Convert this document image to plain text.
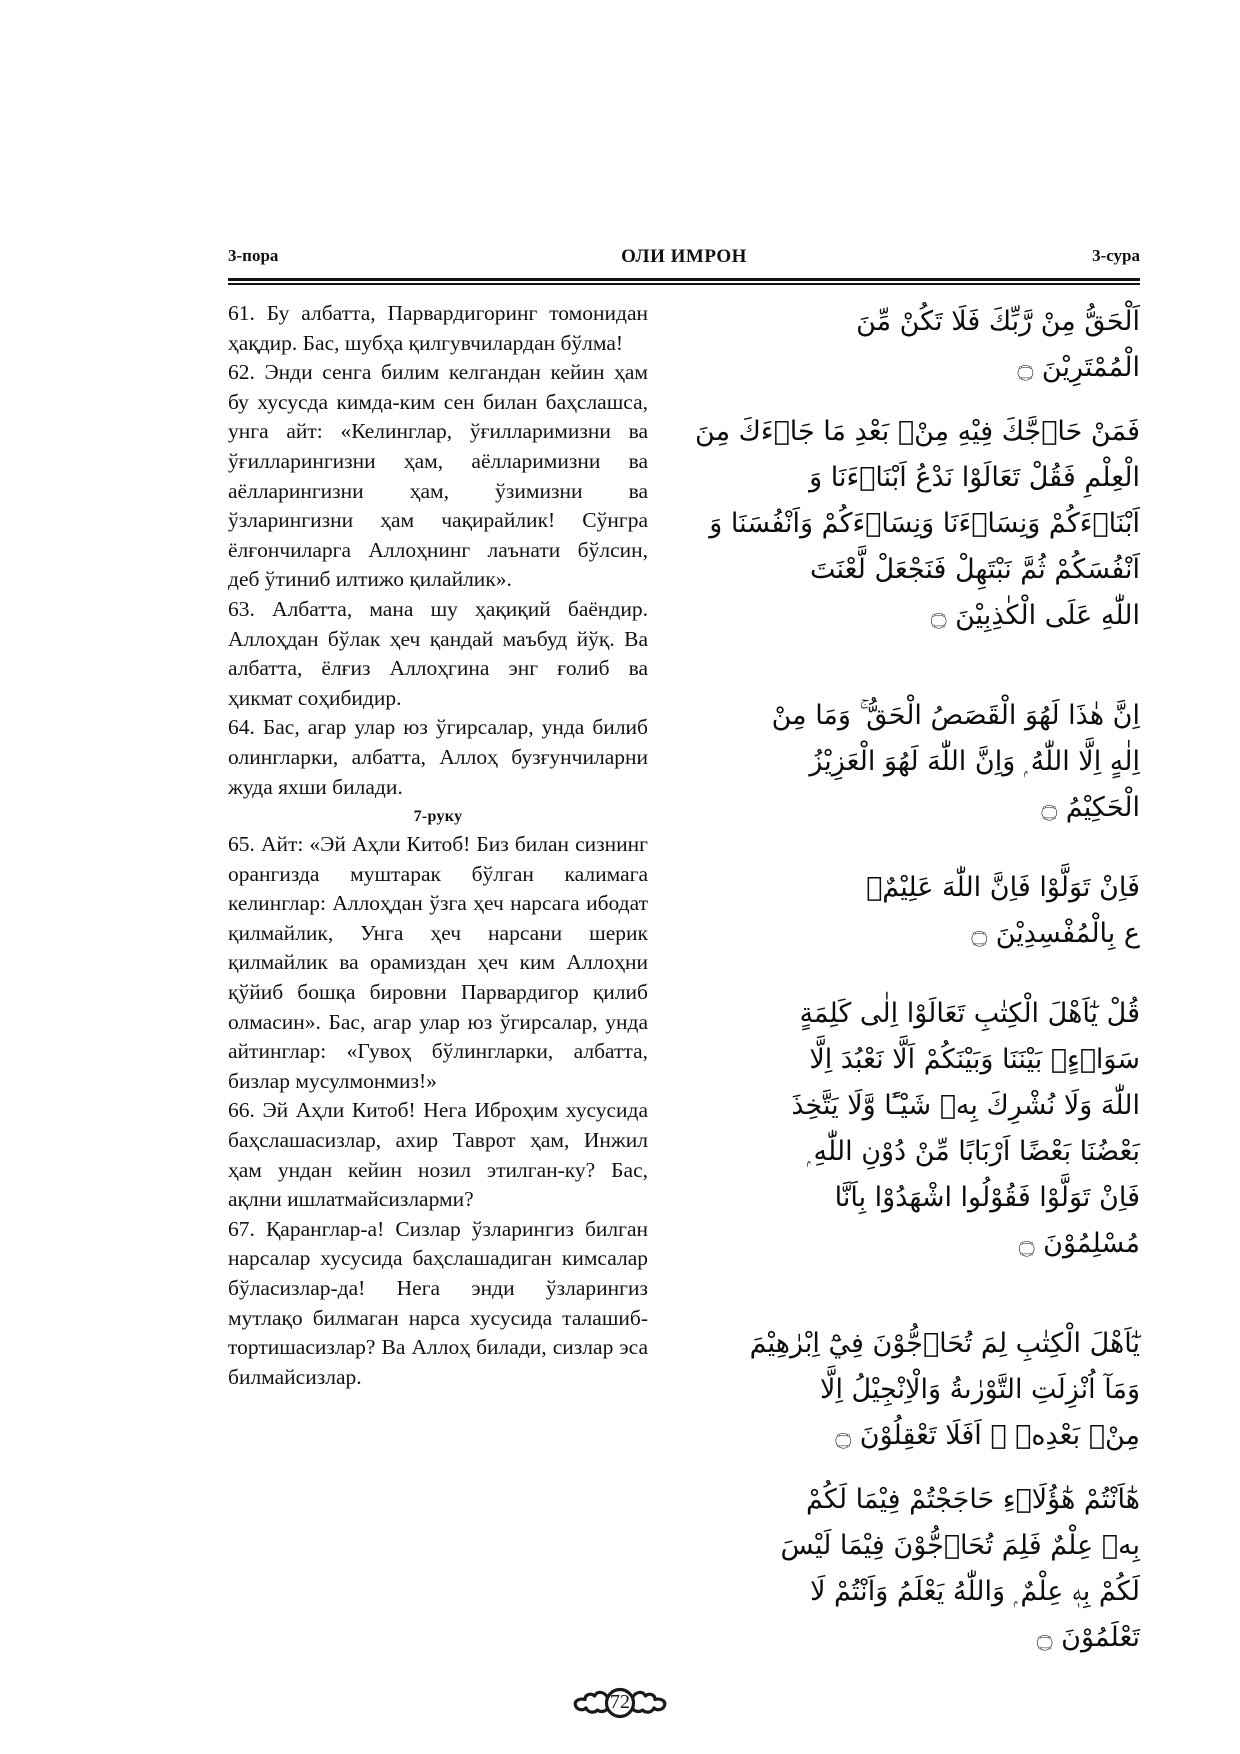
3-пора	ОЛИ ИМРОН	3-сура

61. Бу албатта, Парвардигоринг томонидан ҳақдир. Бас, шубҳа қилгувчилардан бўлма!

62. Энди сенга билим келгандан кейин ҳам бу хусусда кимда-ким сен билан баҳслашса, унга айт: «Келинглар, ўғилларимизни ва ўғилларингизни ҳам, аёлларимизни ва аёлларингизни ҳам, ўзимизни ва ўзларингизни ҳам чақирайлик! Сўнгра ёлғончиларга Аллоҳнинг лаънати бўлсин, деб ўтиниб илтижо қилайлик».

63. Албатта, мана шу ҳақиқий баёндир. Аллоҳдан бўлак ҳеч қандай маъбуд йўқ. Ва албатта, ёлғиз Аллоҳгина энг ғолиб ва ҳикмат соҳибидир.

64. Бас, агар улар юз ўгирсалар, унда билиб олингларки, албатта, Аллоҳ бузғунчиларни жуда яхши билади.

7-руку

65. Айт: «Эй Аҳли Китоб! Биз билан сизнинг орангизда муштарак бўлган калимага келинглар: Аллоҳдан ўзга ҳеч нарсага ибодат қилмайлик, Унга ҳеч нарсани шерик қилмайлик ва орамиздан ҳеч ким Аллоҳни қўйиб бошқа бировни Парвардигор қилиб олмасин». Бас, агар улар юз ўгирсалар, унда айтинглар: «Гувоҳ бўлингларки, албатта, бизлар мусулмонмиз!»

66. Эй Аҳли Китоб! Нега Иброҳим хусусида баҳслашасизлар, ахир Таврот ҳам, Инжил ҳам ундан кейин нозил этилган-ку? Бас, ақлни ишлатмайсизларми?

67. Қаранглар-а! Сизлар ўзларингиз билган нарсалар хусусида баҳслашадиган кимсалар бўласизлар-да! Нега энди ўзларингиз мутлақо билмаган нарса хусусида талашиб-тортишасизлар? Ва Аллоҳ билади, сизлар эса билмайсизлар.

اَلْحَقُّ مِنْ رَّبِّكَ فَلَا تَكُنْ مِّنَ
الْمُمْتَرِيْنَ ۝
فَمَنْ حَاۤجَّكَ فِيْهِ مِنْۢ بَعْدِ مَا جَاۤءَكَ مِنَ
الْعِلْمِ فَقُلْ تَعَالَوْا نَدْعُ اَبْنَاۤءَنَا وَ
اَبْنَاۤءَكُمْ وَنِسَاۤءَنَا وَنِسَاۤءَكُمْ وَاَنْفُسَنَا وَ
اَنْفُسَكُمْ ثُمَّ نَبْتَهِلْ فَنَجْعَلْ لَّعْنَتَ
اللّٰهِ عَلَى الْكٰذِبِيْنَ ۝
اِنَّ هٰذَا لَهُوَ الْقَصَصُ الْحَقُّ ۚ وَمَا مِنْ
اِلٰهٍ اِلَّا اللّٰهُ ۭ وَاِنَّ اللّٰهَ لَهُوَ الْعَزِيْزُ
الْحَكِيْمُ ۝
فَاِنْ تَوَلَّوْا فَاِنَّ اللّٰهَ عَلِيْمٌۢ
ع بِالْمُفْسِدِيْنَ ۝
قُلْ يٰٓاَهْلَ الْكِتٰبِ تَعَالَوْا اِلٰى كَلِمَةٍ
سَوَاۤءٍۢ بَيْنَنَا وَبَيْنَكُمْ اَلَّا نَعْبُدَ اِلَّا
اللّٰهَ وَلَا نُشْرِكَ بِهٖ شَيْـًٔا وَّلَا يَتَّخِذَ
بَعْضُنَا بَعْضًا اَرْبَابًا مِّنْ دُوْنِ اللّٰهِ ۭ
فَاِنْ تَوَلَّوْا فَقُوْلُوا اشْهَدُوْا بِاَنَّا
مُسْلِمُوْنَ ۝
يٰٓاَهْلَ الْكِتٰبِ لِمَ تُحَاۤجُّوْنَ فِيْٓ اِبْرٰهِيْمَ
وَمَآ اُنْزِلَتِ التَّوْرٰىةُ وَالْاِنْجِيْلُ اِلَّا
مِنْۢ بَعْدِهٖ ۭ اَفَلَا تَعْقِلُوْنَ ۝
هٰٓاَنْتُمْ هٰٓؤُلَاۤءِ حَاجَجْتُمْ فِيْمَا لَكُمْ
بِهٖ عِلْمٌ فَلِمَ تُحَاۤجُّوْنَ فِيْمَا لَيْسَ
لَكُمْ بِهٖ عِلْمٌ ۭ وَاللّٰهُ يَعْلَمُ وَاَنْتُمْ لَا
تَعْلَمُوْنَ ۝
72
